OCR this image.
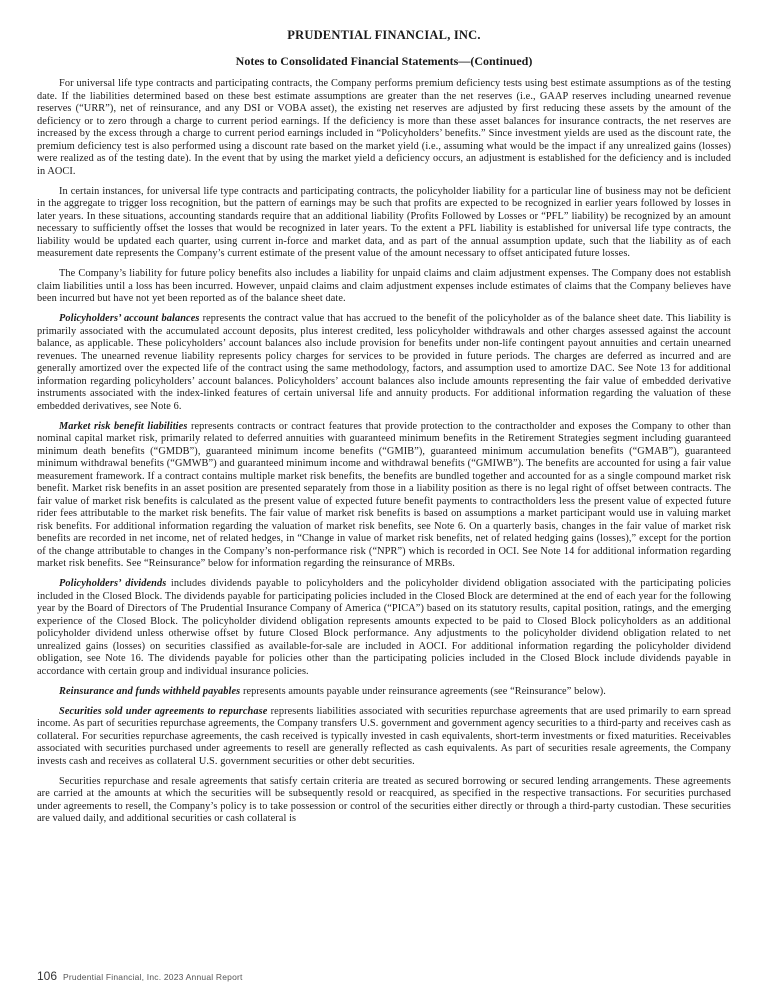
PRUDENTIAL FINANCIAL, INC.
Notes to Consolidated Financial Statements—(Continued)

For universal life type contracts and participating contracts, the Company performs premium deficiency tests using best estimate assumptions as of the testing date. If the liabilities determined based on these best estimate assumptions are greater than the net reserves (i.e., GAAP reserves including unearned revenue reserves (“URR”), net of reinsurance, and any DSI or VOBA asset), the existing net reserves are adjusted by first reducing these assets by the amount of the deficiency or to zero through a charge to current period earnings. If the deficiency is more than these asset balances for insurance contracts, the net reserves are increased by the excess through a charge to current period earnings included in “Policyholders’ benefits.” Since investment yields are used as the discount rate, the premium deficiency test is also performed using a discount rate based on the market yield (i.e., assuming what would be the impact if any unrealized gains (losses) were realized as of the testing date). In the event that by using the market yield a deficiency occurs, an adjustment is established for the deficiency and is included in AOCI.

In certain instances, for universal life type contracts and participating contracts, the policyholder liability for a particular line of business may not be deficient in the aggregate to trigger loss recognition, but the pattern of earnings may be such that profits are expected to be recognized in earlier years followed by losses in later years. In these situations, accounting standards require that an additional liability (Profits Followed by Losses or “PFL” liability) be recognized by an amount necessary to sufficiently offset the losses that would be recognized in later years. To the extent a PFL liability is established for universal life type contracts, the liability would be updated each quarter, using current in-force and market data, and as part of the annual assumption update, such that the liability as of each measurement date represents the Company’s current estimate of the present value of the amount necessary to offset anticipated future losses.

The Company’s liability for future policy benefits also includes a liability for unpaid claims and claim adjustment expenses. The Company does not establish claim liabilities until a loss has been incurred. However, unpaid claims and claim adjustment expenses include estimates of claims that the Company believes have been incurred but have not yet been reported as of the balance sheet date.

Policyholders’ account balances represents the contract value that has accrued to the benefit of the policyholder as of the balance sheet date. This liability is primarily associated with the accumulated account deposits, plus interest credited, less policyholder withdrawals and other charges assessed against the account balance, as applicable. These policyholders’ account balances also include provision for benefits under non-life contingent payout annuities and certain unearned revenues. The unearned revenue liability represents policy charges for services to be provided in future periods. The charges are deferred as incurred and are generally amortized over the expected life of the contract using the same methodology, factors, and assumption used to amortize DAC. See Note 13 for additional information regarding policyholders’ account balances. Policyholders’ account balances also include amounts representing the fair value of embedded derivative instruments associated with the index-linked features of certain universal life and annuity products. For additional information regarding the valuation of these embedded derivatives, see Note 6.

Market risk benefit liabilities represents contracts or contract features that provide protection to the contractholder and exposes the Company to other than nominal capital market risk, primarily related to deferred annuities with guaranteed minimum benefits in the Retirement Strategies segment including guaranteed minimum death benefits (“GMDB”), guaranteed minimum income benefits (“GMIB”), guaranteed minimum accumulation benefits (“GMAB”), guaranteed minimum withdrawal benefits (“GMWB”) and guaranteed minimum income and withdrawal benefits (“GMIWB”). The benefits are accounted for using a fair value measurement framework. If a contract contains multiple market risk benefits, the benefits are bundled together and accounted for as a single compound market risk benefit. Market risk benefits in an asset position are presented separately from those in a liability position as there is no legal right of offset between contracts. The fair value of market risk benefits is calculated as the present value of expected future benefit payments to contractholders less the present value of expected future rider fees attributable to the market risk benefits. The fair value of market risk benefits is based on assumptions a market participant would use in valuing market risk benefits. For additional information regarding the valuation of market risk benefits, see Note 6. On a quarterly basis, changes in the fair value of market risk benefits are recorded in net income, net of related hedges, in “Change in value of market risk benefits, net of related hedging gains (losses),” except for the portion of the change attributable to changes in the Company’s non-performance risk (“NPR”) which is recorded in OCI. See Note 14 for additional information regarding market risk benefits. See “Reinsurance” below for information regarding the reinsurance of MRBs.

Policyholders’ dividends includes dividends payable to policyholders and the policyholder dividend obligation associated with the participating policies included in the Closed Block. The dividends payable for participating policies included in the Closed Block are determined at the end of each year for the following year by the Board of Directors of The Prudential Insurance Company of America (“PICA”) based on its statutory results, capital position, ratings, and the emerging experience of the Closed Block. The policyholder dividend obligation represents amounts expected to be paid to Closed Block policyholders as an additional policyholder dividend unless otherwise offset by future Closed Block performance. Any adjustments to the policyholder dividend obligation related to net unrealized gains (losses) on securities classified as available-for-sale are included in AOCI. For additional information regarding the policyholder dividend obligation, see Note 16. The dividends payable for policies other than the participating policies included in the Closed Block include dividends payable in accordance with certain group and individual insurance policies.

Reinsurance and funds withheld payables represents amounts payable under reinsurance agreements (see “Reinsurance” below).

Securities sold under agreements to repurchase represents liabilities associated with securities repurchase agreements that are used primarily to earn spread income. As part of securities repurchase agreements, the Company transfers U.S. government and government agency securities to a third-party and receives cash as collateral. For securities repurchase agreements, the cash received is typically invested in cash equivalents, short-term investments or fixed maturities. Receivables associated with securities purchased under agreements to resell are generally reflected as cash equivalents. As part of securities resale agreements, the Company invests cash and receives as collateral U.S. government securities or other debt securities.

Securities repurchase and resale agreements that satisfy certain criteria are treated as secured borrowing or secured lending arrangements. These agreements are carried at the amounts at which the securities will be subsequently resold or reacquired, as specified in the respective transactions. For securities purchased under agreements to resell, the Company’s policy is to take possession or control of the securities either directly or through a third-party custodian. These securities are valued daily, and additional securities or cash collateral is

106 Prudential Financial, Inc. 2023 Annual Report
